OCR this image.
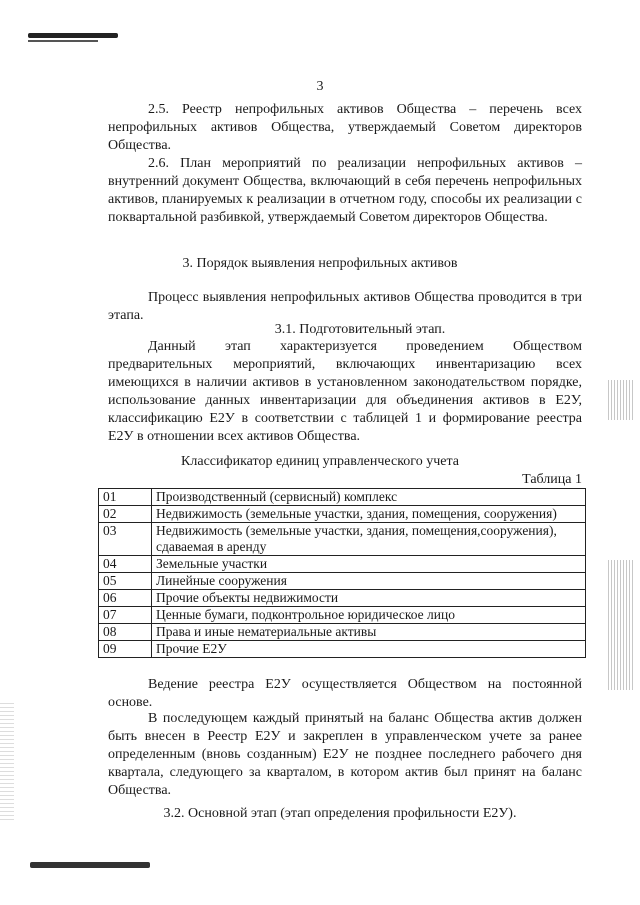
3

2.5. Реестр непрофильных активов Общества – перечень всех непрофильных активов Общества, утверждаемый Советом директоров Общества.

2.6. План мероприятий по реализации непрофильных активов – внутренний документ Общества, включающий в себя перечень непрофильных активов, планируемых к реализации в отчетном году, способы их реализации с поквартальной разбивкой, утверждаемый Советом директоров Общества.

3. Порядок выявления непрофильных активов

Процесс выявления непрофильных активов Общества проводится в три этапа.

3.1. Подготовительный этап.

Данный этап характеризуется проведением Обществом предварительных мероприятий, включающих инвентаризацию всех имеющихся в наличии активов в установленном законодательством порядке, использование данных инвентаризации для объединения активов в Е2У, классификацию Е2У в соответствии с таблицей 1 и формирование реестра Е2У в отношении всех активов Общества.

Классификатор единиц управленческого учета
Таблица 1
01	Производственный (сервисный) комплекс
02	Недвижимость (земельные участки, здания, помещения, сооружения)
03	Недвижимость (земельные участки, здания, помещения,сооружения), сдаваемая в аренду
04	Земельные участки
05	Линейные сооружения
06	Прочие объекты недвижимости
07	Ценные бумаги, подконтрольное юридическое лицо
08	Права и иные нематериальные активы
09	Прочие Е2У

Ведение реестра Е2У осуществляется Обществом на постоянной основе.

В последующем каждый принятый на баланс Общества актив должен быть внесен в Реестр Е2У и закреплен в управленческом учете за ранее определенным (вновь созданным) Е2У не позднее последнего рабочего дня квартала, следующего за кварталом, в котором актив был принят на баланс Общества.

3.2. Основной этап (этап определения профильности Е2У).
